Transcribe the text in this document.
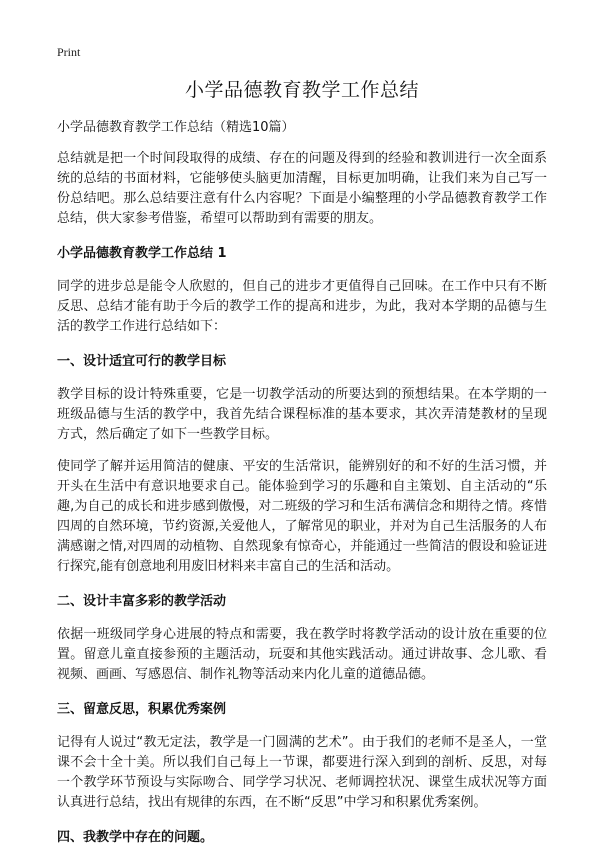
Print
小学品德教育教学工作总结
小学品德教育教学工作总结（精选10篇）

总结就是把一个时间段取得的成绩、存在的问题及得到的经验和教训进行一次全面系统的总结的书面材料，它能够使头脑更加清醒，目标更加明确，让我们来为自己写一份总结吧。那么总结要注意有什么内容呢？下面是小编整理的小学品德教育教学工作总结，供大家参考借鉴，希望可以帮助到有需要的朋友。

小学品德教育教学工作总结 1

同学的进步总是能令人欣慰的，但自己的进步才更值得自己回味。在工作中只有不断反思、总结才能有助于今后的教学工作的提高和进步，为此，我对本学期的品德与生活的教学工作进行总结如下：

一、设计适宜可行的教学目标

教学目标的设计特殊重要，它是一切教学活动的所要达到的预想结果。在本学期的一班级品德与生活的教学中，我首先结合课程标准的基本要求，其次弄清楚教材的呈现方式，然后确定了如下一些教学目标。

使同学了解并运用简洁的健康、平安的生活常识，能辨别好的和不好的生活习惯，并开头在生活中有意识地要求自己。能体验到学习的乐趣和自主策划、自主活动的“乐趣,为自己的成长和进步感到傲慢，对二班级的学习和生活布满信念和期待之情。疼惜四周的自然环境，节约资源,关爱他人，了解常见的职业，并对为自己生活服务的人布满感谢之情,对四周的动植物、自然现象有惊奇心，并能通过一些简洁的假设和验证进行探究,能有创意地利用废旧材料来丰富自己的生活和活动。

二、设计丰富多彩的教学活动

依据一班级同学身心进展的特点和需要，我在教学时将教学活动的设计放在重要的位置。留意儿童直接参预的主题活动，玩耍和其他实践活动。通过讲故事、念儿歌、看视频、画画、写感恩信、制作礼物等活动来内化儿童的道德品德。

三、留意反思，积累优秀案例

记得有人说过“教无定法，教学是一门圆满的艺术”。由于我们的老师不是圣人，一堂课不会十全十美。所以我们自己每上一节课，都要进行深入到到的剖析、反思，对每一个教学环节预设与实际吻合、同学学习状况、老师调控状况、课堂生成状况等方面认真进行总结，找出有规律的东西，在不断“反思”中学习和积累优秀案例。

四、我教学中存在的问题。
